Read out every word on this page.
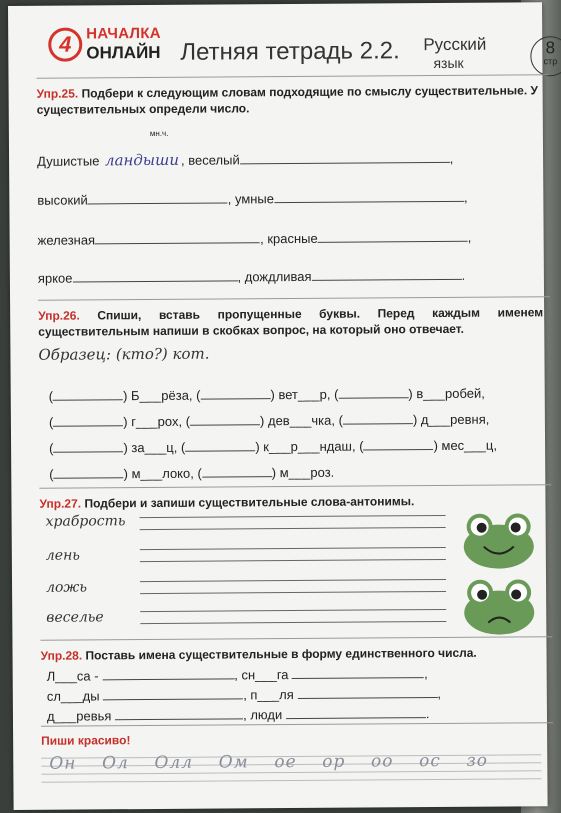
4 НАЧАЛКА
ОНЛАЙН Летняя тетрадь 2.2. Русский
язык
8
стр
Упр.25. Подбери к следующим словам подходящие по смыслу существительные. У существительных определи число.
мн.ч.
Душистые ландыши , веселый	,
высокий	, умные	,
железная	, красные	,
яркое	, дождливая	.
Упр.26. Спиши, вставь пропущенные буквы. Перед каждым именем существительным напиши в скобках вопрос, на который оно отвечает.
Образец: (кто?) кот.
(	) Б___рёза, (	) вет___р, (	) в___робей,
(	) г___рох, (	) дев___чка, (	) д___ревня,
(	) за___ц, (	) к___р___ндаш, (	) мес___ц,
(	) м___локо, (	) м___роз.
Упр.27. Подбери и запиши существительные слова-антонимы.
храбрость
лень
ложь
веселье
Упр.28. Поставь имена существительные в форму единственного числа.
Л___са -	, сн___га	,
сл___ды	, п___ля	,
д___ревья	, люди	.
Пиши красиво!
Он Ол Олл Ом ое ор оо ос зо
